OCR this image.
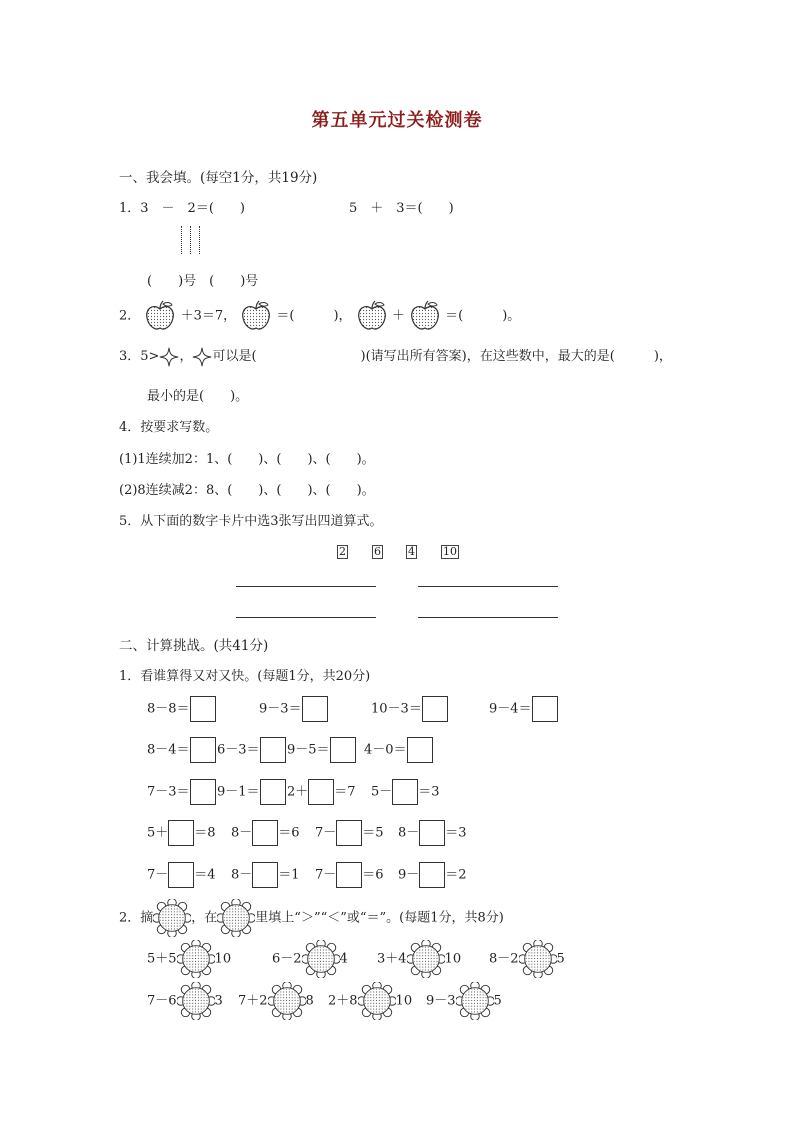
第五单元过关检测卷
一、我会填。(每空1分，共19分)
1．3　－　2＝(　　)	5　＋　3＝(　　)
(　　)号　(　　)号
2．	＋3＝7，	＝(　　　)，	＋	＝(　　　)。
3．5> ， 可以是(　　　　　　　　)(请写出所有答案)，在这些数中，最大的是(　　　)，
最小的是(　　)。
4．按要求写数。
(1)1连续加2：1、(　　)、(　　)、(　　)。
(2)8连续减2：8、(　　)、(　　)、(　　)。
5．从下面的数字卡片中选3张写出四道算式。
2	6 4	10
二、计算挑战。(共41分)
1．看谁算得又对又快。(每题1分，共20分)
8－8＝	9－3＝	10－3＝	9－4＝
8－4＝	6－3＝	9－5＝	4－0＝
7－3＝	9－1＝	2＋ ＝7 5－ ＝3
5＋ ＝8 8－ ＝6 7－ ＝5 8－ ＝3
7－ ＝4 8－ ＝1 7－ ＝6 9－ ＝2
2．摘	，在	里填上“＞”“＜”或“＝”。(每题1分，共8分)
5＋5	10	6－2	4 3＋4	10 8－2	5
7－6	3 7＋2	8 2＋8	10 9－3	5
